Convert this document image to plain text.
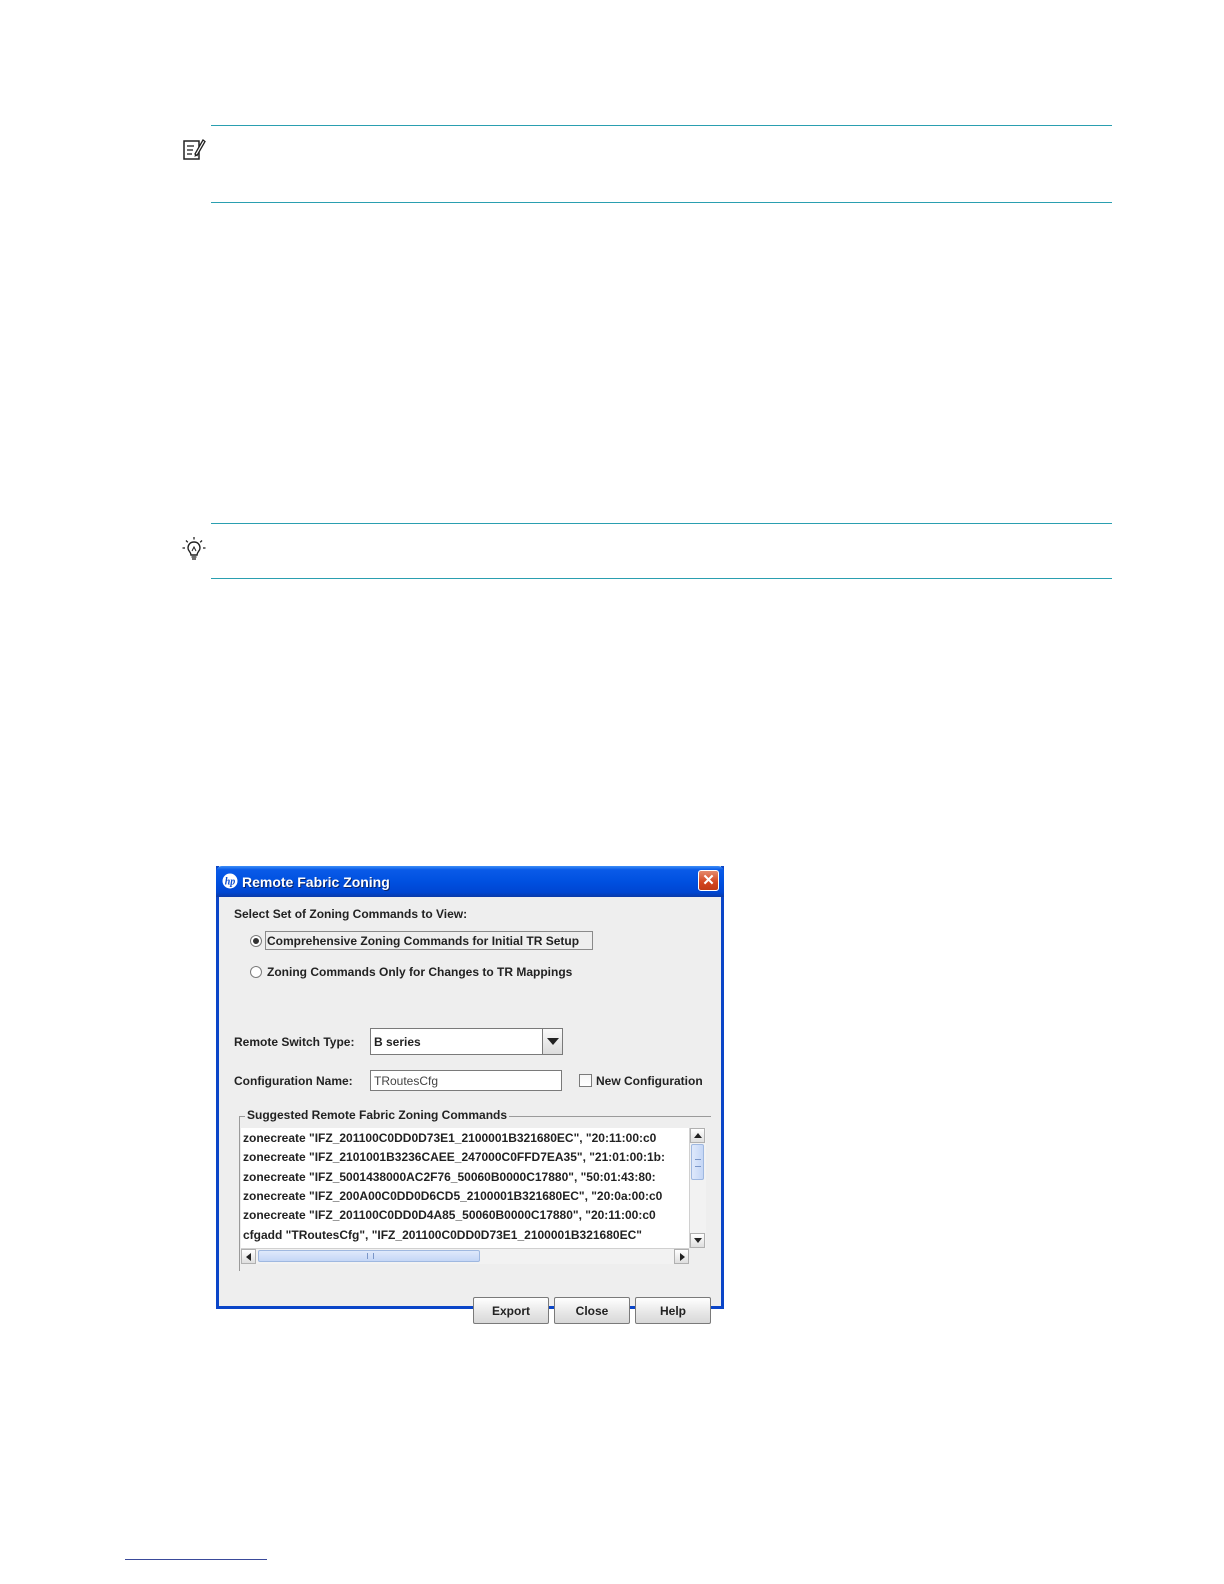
hp Remote Fabric Zoning	✕
Select Set of Zoning Commands to View:
Comprehensive Zoning Commands for Initial TR Setup
Zoning Commands Only for Changes to TR Mappings
Remote Switch Type: B series
Configuration Name:
TRoutesCfg	New Configuration
Suggested Remote Fabric Zoning Commands
zonecreate "IFZ_201100C0DD0D73E1_2100001B321680EC", "20:11:00:c0
zonecreate "IFZ_2101001B3236CAEE_247000C0FFD7EA35", "21:01:00:1b:
zonecreate "IFZ_5001438000AC2F76_50060B0000C17880", "50:01:43:80:
zonecreate "IFZ_200A00C0DD0D6CD5_2100001B321680EC", "20:0a:00:c0
zonecreate "IFZ_201100C0DD0D4A85_50060B0000C17880", "20:11:00:c0
cfgadd "TRoutesCfg", "IFZ_201100C0DD0D73E1_2100001B321680EC"
Export	Close	Help
